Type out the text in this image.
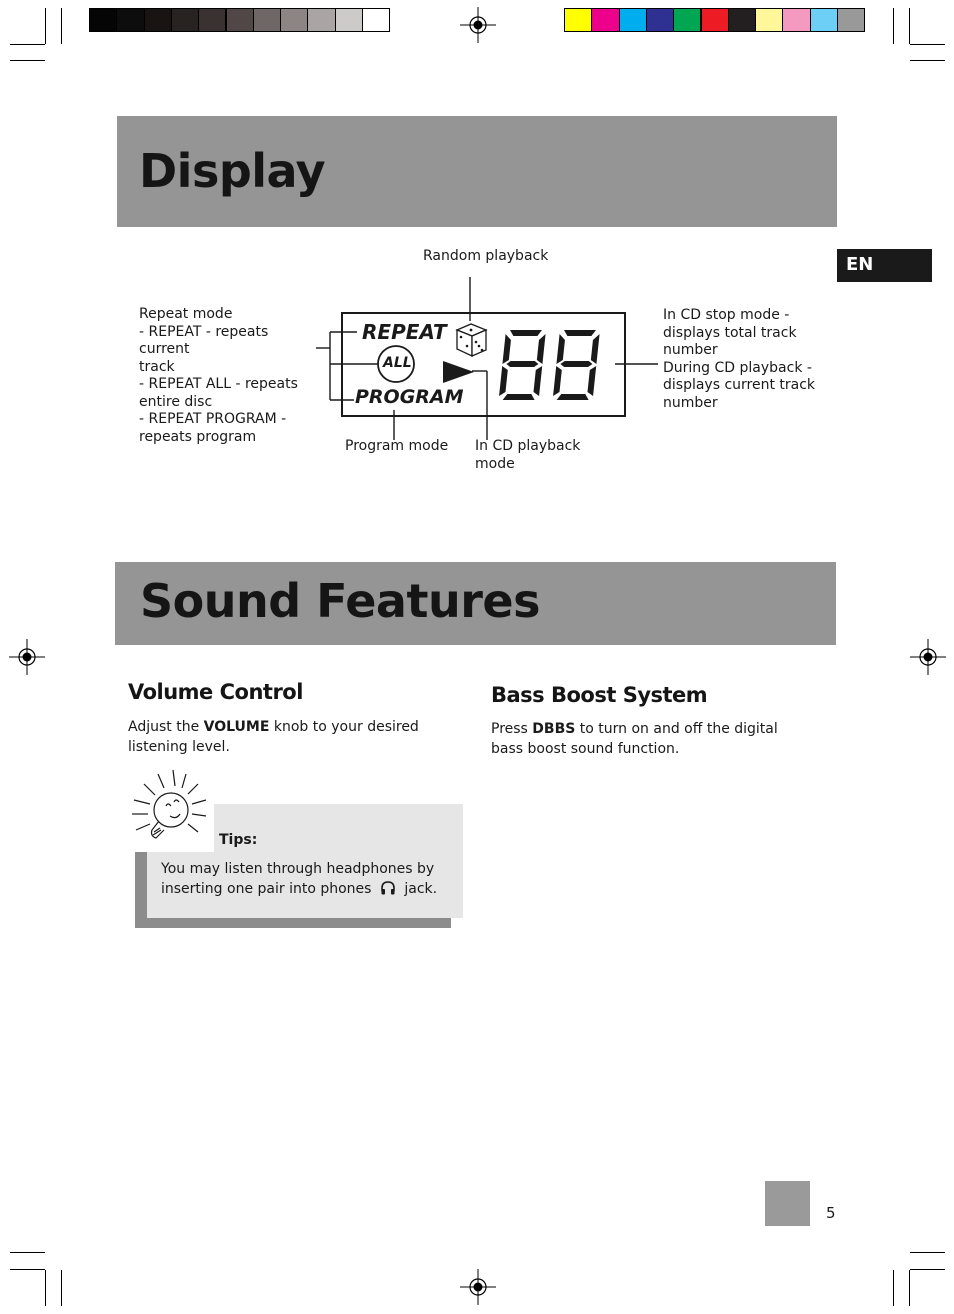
Display
EN
REPEAT
ALL
PROGRAM
Random playback
Repeat mode
- REPEAT - repeats current
track
- REPEAT ALL - repeats
entire disc
- REPEAT PROGRAM -
repeats program
In CD stop mode -
displays total track
number
During CD playback -
displays current track
number
Program mode In CD playback
mode
Sound Features
Volume Control
Adjust the VOLUME knob to your desired listening level.
Bass Boost System
Press DBBS to turn on and off the digital bass boost sound function.
Tips:
You may listen through headphones by
inserting one pair into phones jack.
5
